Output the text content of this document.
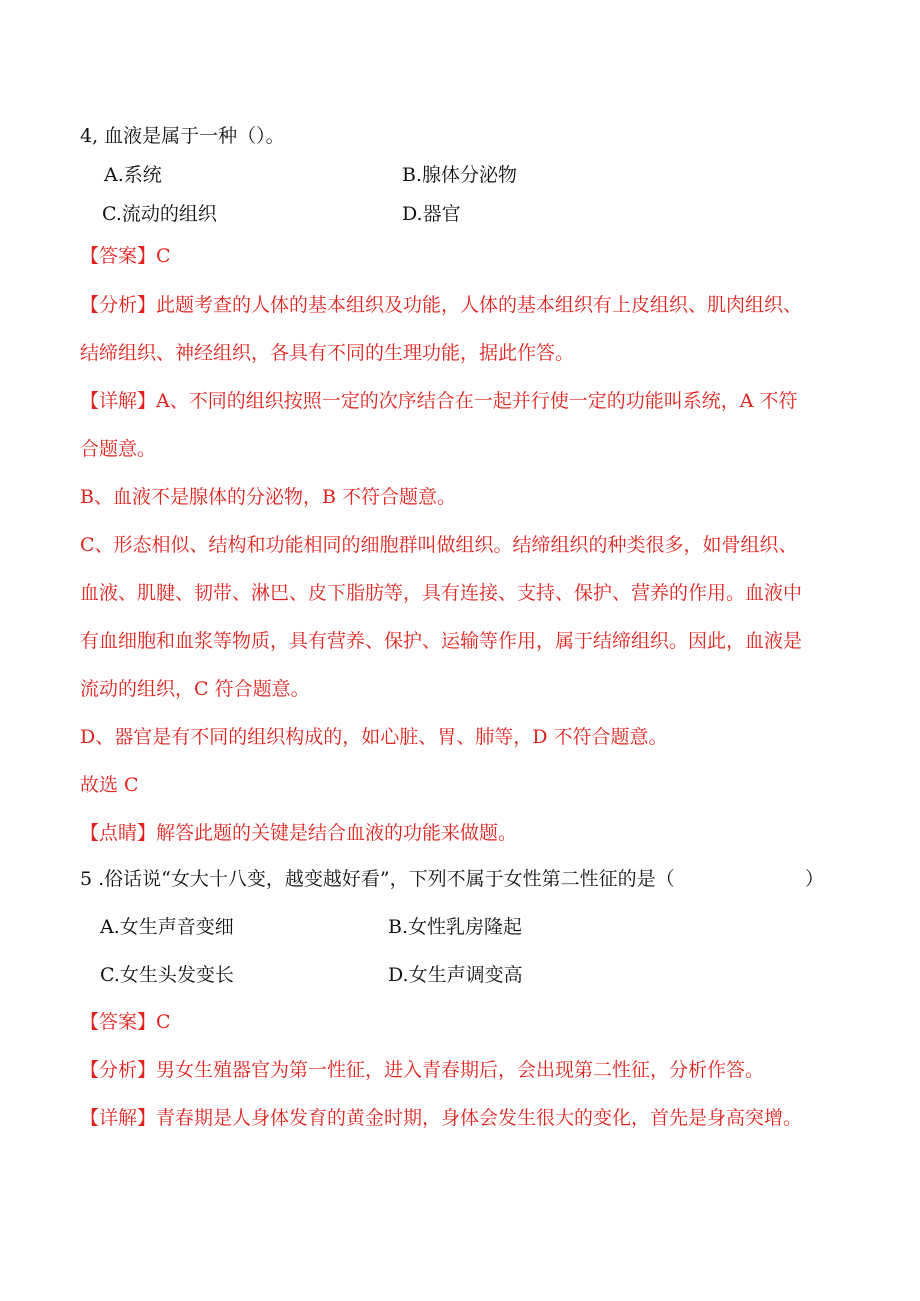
4, 血液是属于一种（）。
A.系统	B.腺体分泌物
C.流动的组织	D.器官
【答案】C
【分析】此题考查的人体的基本组织及功能，人体的基本组织有上皮组织、肌肉组织、
结缔组织、神经组织，各具有不同的生理功能，据此作答。
【详解】A、不同的组织按照一定的次序结合在一起并行使一定的功能叫系统，A 不符
合题意。
B、血液不是腺体的分泌物，B 不符合题意。
C、形态相似、结构和功能相同的细胞群叫做组织。结缔组织的种类很多，如骨组织、
血液、肌腱、韧带、淋巴、皮下脂肪等，具有连接、支持、保护、营养的作用。血液中
有血细胞和血浆等物质，具有营养、保护、运输等作用，属于结缔组织。因此，血液是
流动的组织，C 符合题意。
D、器官是有不同的组织构成的，如心脏、胃、肺等，D 不符合题意。
故选 C
【点睛】解答此题的关键是结合血液的功能来做题。
5 .俗话说“女大十八变，越变越好看”，下列不属于女性第二性征的是（	）
A.女生声音变细	B.女性乳房隆起
C.女生头发变长	D.女生声调变高
【答案】C
【分析】男女生殖器官为第一性征，进入青春期后，会出现第二性征，分析作答。
【详解】青春期是人身体发育的黄金时期，身体会发生很大的变化，首先是身高突增。
